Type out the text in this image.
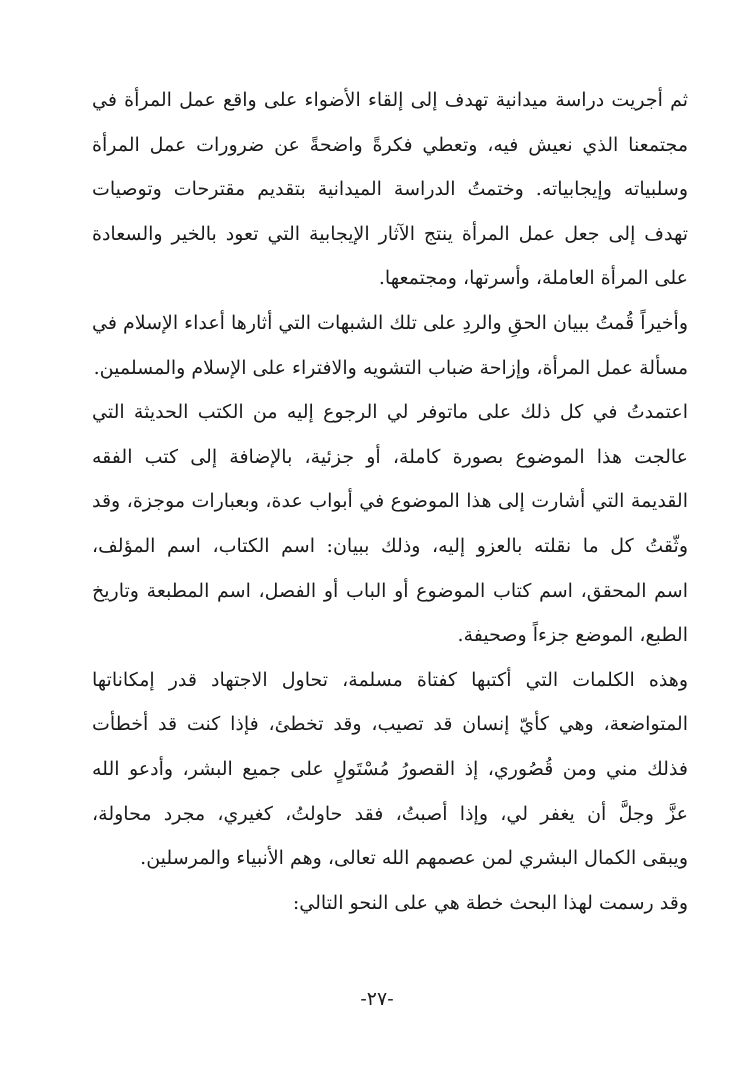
ثم أجريت دراسة ميدانية تهدف إلى إلقاء الأضواء على واقع عمل المرأة في
مجتمعنا الذي نعيش فيه، وتعطي فكرةً واضحةً عن ضرورات عمل المرأة
وسلبياته وإيجابياته. وختمتُ الدراسة الميدانية بتقديم مقترحات وتوصيات
تهدف إلى جعل عمل المرأة ينتج الآثار الإيجابية التي تعود بالخير والسعادة
على المرأة العاملة، وأسرتها، ومجتمعها.
وأخيراً قُمتُ ببيان الحقِ والردِ على تلك الشبهات التي أثارها أعداء الإسلام في
مسألة عمل المرأة، وإزاحة ضباب التشويه والافتراء على الإسلام والمسلمين.
اعتمدتُ في كل ذلك على ماتوفر لي الرجوع إليه من الكتب الحديثة التي
عالجت هذا الموضوع بصورة كاملة، أو جزئية، بالإضافة إلى كتب الفقه
القديمة التي أشارت إلى هذا الموضوع في أبواب عدة، وبعبارات موجزة، وقد
وثّقتُ كل ما نقلته بالعزو إليه، وذلك ببيان: اسم الكتاب، اسم المؤلف،
اسم المحقق، اسم كتاب الموضوع أو الباب أو الفصل، اسم المطبعة وتاريخ
الطبع، الموضع جزءاً وصحيفة.
وهذه الكلمات التي أكتبها كفتاة مسلمة، تحاول الاجتهاد قدر إمكاناتها
المتواضعة، وهي كأيّ إنسان قد تصيب، وقد تخطئ، فإذا كنت قد أخطأت
فذلك مني ومن قُصُوري، إذ القصورُ مُسْتَولٍ على جميع البشر، وأدعو الله
عزَّ وجلَّ أن يغفر لي، وإذا أصبتُ، فقد حاولتُ، كغيري، مجرد محاولة،
ويبقى الكمال البشري لمن عصمهم الله تعالى، وهم الأنبياء والمرسلين.
وقد رسمت لهذا البحث خطة هي على النحو التالي:
-٢٧-
